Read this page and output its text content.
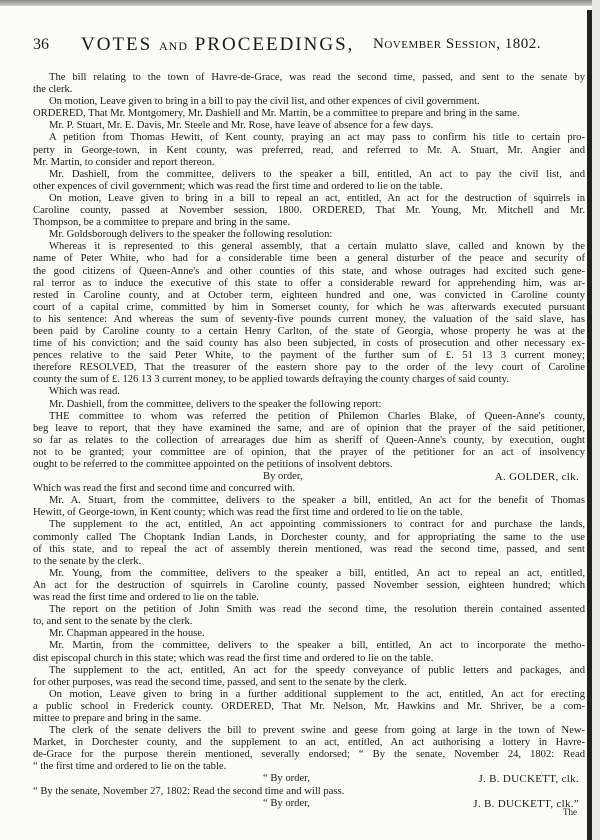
36 VOTES AND PROCEEDINGS, November Session, 1802.
The bill relating to the town of Havre-de-Grace, was read the second time, passed, and sent to the senate by
the clerk.
On motion, Leave given to bring in a bill to pay the civil list, and other expences of civil government.
ORDERED, That Mr. Montgomery, Mr. Dashiell and Mr. Martin, be a committee to prepare and bring in the same.
Mr. P. Stuart, Mr. E. Davis, Mr. Steele and Mr. Rose, have leave of absence for a few days.
A petition from Thomas Hewitt, of Kent county, praying an act may pass to confirm his title to certain pro-
perty in George-town, in Kent county, was preferred, read, and referred to Mr. A. Stuart, Mr. Angier and
Mr. Martin, to consider and report thereon.
Mr. Dashiell, from the committee, delivers to the speaker a bill, entitled, An act to pay the civil list, and
other expences of civil government; which was read the first time and ordered to lie on the table.
On motion, Leave given to bring in a bill to repeal an act, entitled, An act for the destruction of squirrels in
Caroline county, passed at November session, 1800. ORDERED, That Mr. Young, Mr. Mitchell and Mr.
Thompson, be a committee to prepare and bring in the same.
Mr. Goldsborough delivers to the speaker the following resolution:
Whereas it is represented to this general assembly, that a certain mulatto slave, called and known by the
name of Peter White, who had for a considerable time been a general disturber of the peace and security of
the good citizens of Queen-Anne's and other counties of this state, and whose outrages had excited such gene-
ral terror as to induce the executive of this state to offer a considerable reward for apprehending him, was ar-
rested in Caroline county, and at October term, eighteen hundred and one, was convicted in Caroline county
court of a capital crime, committed by him in Somerset county, for which he was afterwards executed pursuant
to his sentence: And whereas the sum of seventy-five pounds current money, the valuation of the said slave, has
been paid by Caroline county to a certain Henry Carlton, of the state of Georgia, whose property he was at the
time of his conviction; and the said county has also been subjected, in costs of prosecution and other necessary ex-
pences relative to the said Peter White, to the payment of the further sum of £. 51 13 3 current money;
therefore RESOLVED, That the treasurer of the eastern shore pay to the order of the levy court of Caroline
county the sum of £. 126 13 3 current money, to be applied towards defraying the county charges of said county.
Which was read.
Mr. Dashiell, from the committee, delivers to the speaker the following report:
THE committee to whom was referred the petition of Philemon Charles Blake, of Queen-Anne's county,
beg leave to report, that they have examined the same, and are of opinion that the prayer of the said petitioner,
so far as relates to the collection of arrearages due him as sheriff of Queen-Anne's county, by execution, ought
not to be granted; your committee are of opinion, that the prayer of the petitioner for an act of insolvency
ought to be referred to the committee appointed on the petitions of insolvent debtors.
By order,	A. GOLDER, clk.
Which was read the first and second time and concurred with.
Mr. A. Stuart, from the committee, delivers to the speaker a bill, entitled, An act for the benefit of Thomas
Hewitt, of George-town, in Kent county; which was read the first time and ordered to lie on the table.
The supplement to the act, entitled, An act appointing commissioners to contract for and purchase the lands,
commonly called The Choptank Indian Lands, in Dorchester county, and for appropriating the same to the use
of this state, and to repeal the act of assembly therein mentioned, was read the second time, passed, and sent
to the senate by the clerk.
Mr. Young, from the committee, delivers to the speaker a bill, entitled, An act to repeal an act, entitled,
An act for the destruction of squirrels in Caroline county, passed November session, eighteen hundred; which
was read the first time and ordered to lie on the table.
The report on the petition of John Smith was read the second time, the resolution therein contained assented
to, and sent to the senate by the clerk.
Mr. Chapman appeared in the house.
Mr. Martin, from the committee, delivers to the speaker a bill, entitled, An act to incorporate the metho-
dist episcopal church in this state; which was read the first time and ordered to lie on the table.
The supplement to the act, entitled, An act for the speedy conveyance of public letters and packages, and
for other purposes, was read the second time, passed, and sent to the senate by the clerk.
On motion, Leave given to bring in a further additional supplement to the act, entitled, An act for erecting
a public school in Frederick county. ORDERED, That Mr. Nelson, Mr. Hawkins and Mr. Shriver, be a com-
mittee to prepare and bring in the same.
The clerk of the senate delivers the bill to prevent swine and geese from going at large in the town of New-
Market, in Dorchester county, and the supplement to an act, entitled, An act authorising a lottery in Havre-
de-Grace for the purpose therein mentioned, severally endorsed; “ By the senate, November 24, 1802: Read
“ the first time and ordered to lie on the table.
“ By order,	J. B. DUCKETT, clk.
“ By the senate, November 27, 1802: Read the second time and will pass.
“ By order,	J. B. DUCKETT, clk.”
The
